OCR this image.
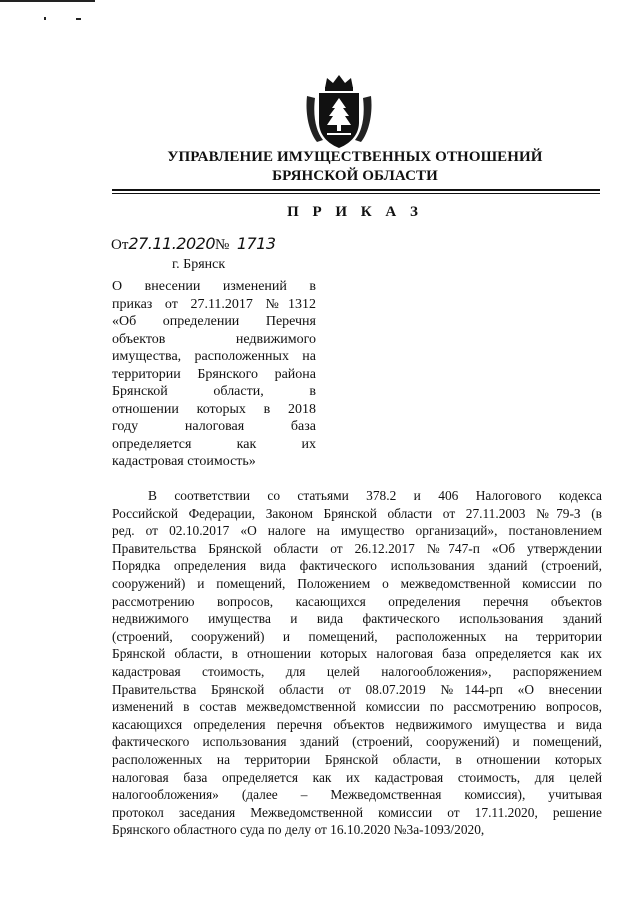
УПРАВЛЕНИЕ ИМУЩЕСТВЕННЫХ ОТНОШЕНИЙ
БРЯНСКОЙ ОБЛАСТИ
П Р И К А З
От27.11.2020№ 1713
г. Брянск
О внесении изменений в
приказ от 27.11.2017 №1312
«Об определении Перечня
объектов недвижимого
имущества, расположенных на
территории Брянского района
Брянской области, в
отношении которых в 2018
году налоговая база
определяется как их
кадастровая стоимость»
В соответствии со статьями 378.2 и 406 Налогового кодекса
Российской Федерации, Законом Брянской области от 27.11.2003 №79-З (в
ред. от 02.10.2017 «О налоге на имущество организаций», постановлением
Правительства Брянской области от 26.12.2017 №747-п «Об утверждении
Порядка определения вида фактического использования зданий (строений,
сооружений) и помещений, Положением о межведомственной комиссии по
рассмотрению вопросов, касающихся определения перечня объектов
недвижимого имущества и вида фактического использования зданий
(строений, сооружений) и помещений, расположенных на территории
Брянской области, в отношении которых налоговая база определяется как их
кадастровая стоимость, для целей налогообложения», распоряжением
Правительства Брянской области от 08.07.2019 №144-рп «О внесении
изменений в состав межведомственной комиссии по рассмотрению вопросов,
касающихся определения перечня объектов недвижимого имущества и вида
фактического использования зданий (строений, сооружений) и помещений,
расположенных на территории Брянской области, в отношении которых
налоговая база определяется как их кадастровая стоимость, для целей
налогообложения» (далее – Межведомственная комиссия), учитывая
протокол заседания Межведомственной комиссии от 17.11.2020, решение
Брянского областного суда по делу от 16.10.2020 №3а-1093/2020,
